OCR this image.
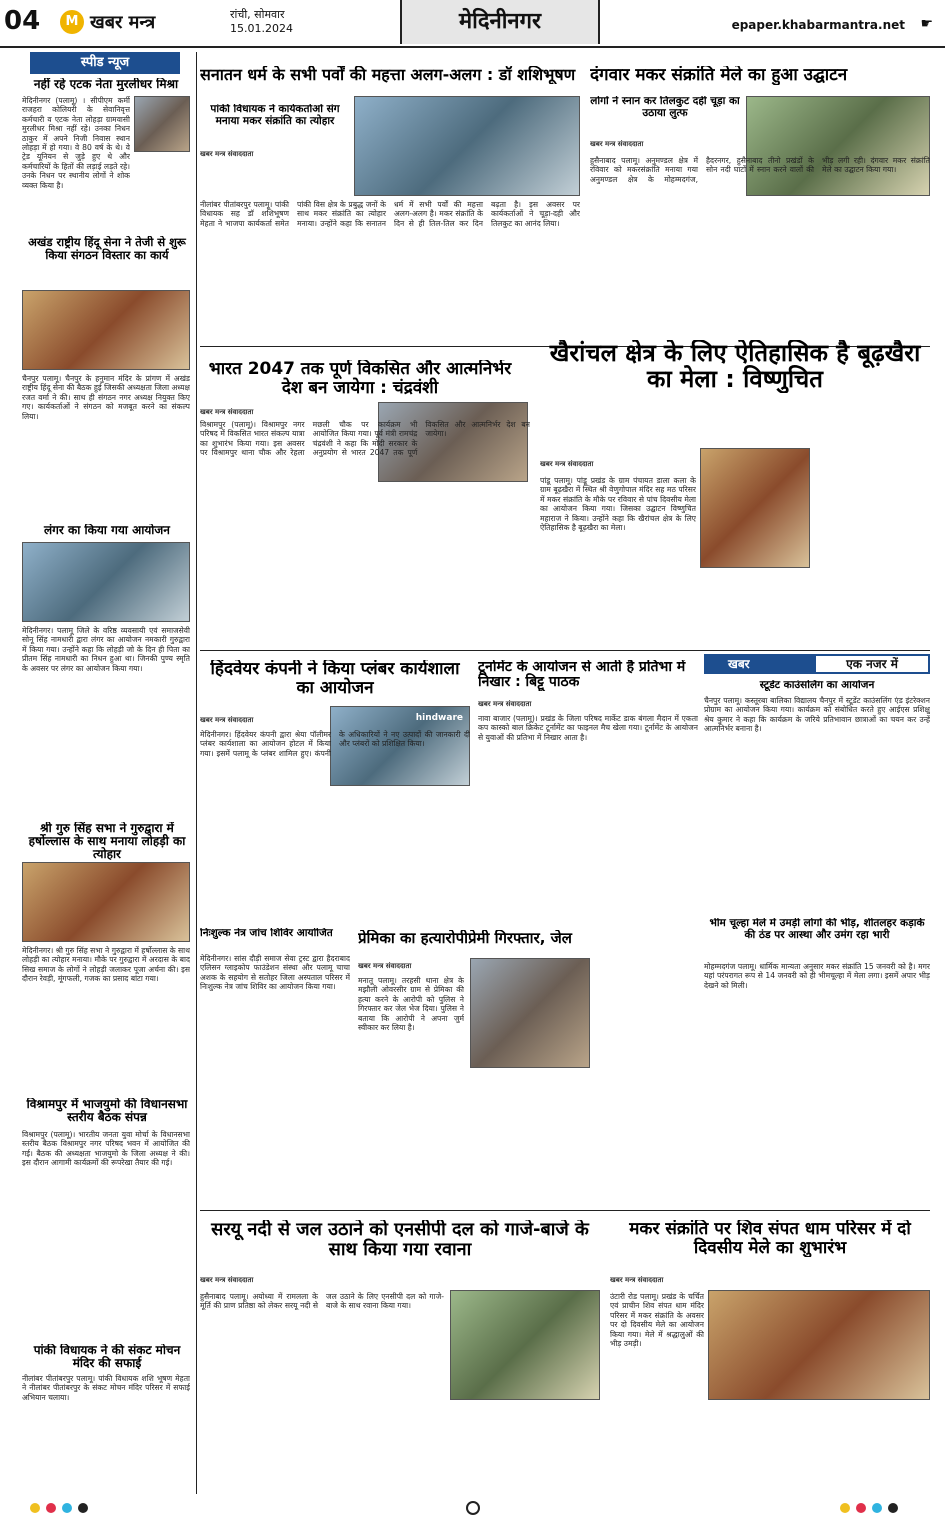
04	M खबर मन्त्र	रांची, सोमवार
15.01.2024	मेदिनीनगर	epaper.khabarmantra.net ☛
स्पीड न्यूज
नहीं रहे एटक नेता मुरलीधर मिश्रा
मेदिनीनगर (पलामू) । सीपीएम कर्मी राजहरा कोलियरी के सेवानिवृत्त कर्मचारी व एटक नेता लोहड़ा ग्रामवासी मुरलीधर मिश्रा नहीं रहे। उनका निधन ठाकुर में अपने निजी निवास स्थान लोहड़ा में हो गया। वे 80 वर्ष के थे। वे ट्रेड यूनियन से जुड़े हुए थे और कर्मचारियों के हितों की लड़ाई लड़ते रहे। उनके निधन पर स्थानीय लोगों ने शोक व्यक्त किया है।
अखंड राष्ट्रीय हिंदू सेना ने तेजी से शुरू किया संगठन विस्तार का कार्य
चैनपुर पलामू। चैनपुर के हनुमान मंदिर के प्रांगण में अखंड राष्ट्रीय हिंदू सेना की बैठक हुई जिसकी अध्यक्षता जिला अध्यक्ष रजत वर्मा ने की। साथ ही संगठन नगर अध्यक्ष नियुक्त किए गए। कार्यकर्ताओं ने संगठन को मजबूत करने का संकल्प लिया।
लंगर का किया गया आयोजन
मेदिनीनगर। पलामू जिले के वरिष्ठ व्यवसायी एवं समाजसेवी सोनू सिंह नामधारी द्वारा लंगर का आयोजन नमकारी गुरुद्वारा में किया गया। उन्होंने कहा कि लोहड़ी जो के दिन ही पिता का प्रीतम सिंह नामधारी का निधन हुआ था। जिनकी पुण्य स्मृति के अवसर पर लंगर का आयोजन किया गया।
श्री गुरु सिंह सभा ने गुरुद्वारा में हर्षोल्लास के साथ मनाया लोहड़ी का त्योहार
मेदिनीनगर। श्री गुरु सिंह सभा ने गुरुद्वारा में हर्षोल्लास के साथ लोहड़ी का त्योहार मनाया। मौके पर गुरुद्वारा में अरदास के बाद सिख समाज के लोगों ने लोहड़ी जलाकर पूजा अर्चना की। इस दौरान रेवड़ी, मूंगफली, गजक का प्रसाद बांटा गया।
विश्रामपुर में भाजयुमो की विधानसभा स्तरीय बैठक संपन्न
विश्रामपुर (पलामू)। भारतीय जनता युवा मोर्चा के विधानसभा स्तरीय बैठक विश्रामपुर नगर परिषद भवन में आयोजित की गई। बैठक की अध्यक्षता भाजयुमो के जिला अध्यक्ष ने की। इस दौरान आगामी कार्यक्रमों की रूपरेखा तैयार की गई।
पांकी विधायक ने की संकट मोचन मंदिर की सफाई
नीलांबर पीतांबरपुर पलामू। पांकी विधायक शशि भूषण मेहता ने नीलांबर पीतांबरपुर के संकट मोचन मंदिर परिसर में सफाई अभियान चलाया।
सनातन धर्म के सभी पर्वों की महत्ता अलग-अलग : डॉ शशिभूषण
पांकी विधायक ने कार्यकर्ताओं संग मनाया मकर संक्रांति का त्योहार
खबर मन्त्र संवाददाता
नीलांबर पीतांबरपुर पलामू। पांकी विधायक सह डॉ शशिभूषण मेहता ने भाजपा कार्यकर्ता समेत पांकी विस क्षेत्र के प्रबुद्ध जनों के साथ मकर संक्रांति का त्योहार मनाया। उन्होंने कहा कि सनातन धर्म में सभी पर्वों की महत्ता अलग-अलग है। मकर संक्रांति के दिन से ही तिल-तिल कर दिन बढ़ता है। इस अवसर पर कार्यकर्ताओं ने चूड़ा-दही और तिलकुट का आनंद लिया।
दंगवार मकर संक्रांति मेले का हुआ उद्घाटन
लोगों ने स्नान कर तिलकुट दही चूड़ा का उठाया लुत्फ
खबर मन्त्र संवाददाता
हुसैनाबाद पलामू। अनुमण्डल क्षेत्र में रविवार को मकरसंक्रांति मनाया गया अनुमण्डल क्षेत्र के मोहम्मदगंज, हैदरनगर, हुसैनाबाद तीनो प्रखंडों के सोन नदी घाटों में स्नान करने वालों की भीड़ लगी रही। दंगवार मकर संक्रांति मेले का उद्घाटन किया गया।
भारत 2047 तक पूर्ण विकसित और आत्मनिर्भर देश बन जायेगा : चंद्रवंशी
खबर मन्त्र संवाददाता
विश्रामपुर (पलामू)। विश्रामपुर नगर परिषद में विकसित भारत संकल्प यात्रा का शुभारंभ किया गया। इस अवसर पर विश्रामपुर थाना चौक और रेहला मछली चौक पर कार्यक्रम भी आयोजित किया गया। पूर्व मंत्री रामचंद्र चंद्रवंशी ने कहा कि मोदी सरकार के अनुप्रयोग से भारत 2047 तक पूर्ण विकसित और आत्मनिर्भर देश बन जायेगा।
खैरांचल क्षेत्र के लिए ऐतिहासिक है बूढ़खैरा का मेला : विष्णुचित
खबर मन्त्र संवाददाता
पांडू पलामू। पांडू प्रखंड के ग्राम पंचायत डाला कला के ग्राम बूढ़खैरा में स्थित श्री वेणुगोपाल मंदिर सह मठ परिसर में मकर संक्रांति के मौके पर रविवार से पांच दिवसीय मेला का आयोजन किया गया। जिसका उद्घाटन विष्णुचित महाराज ने किया। उन्होंने कहा कि खैरांचल क्षेत्र के लिए ऐतिहासिक है बूढ़खैरा का मेला।
हिंदवेयर कंपनी ने किया प्लंबर कार्यशाला का आयोजन
खबर मन्त्र संवाददाता	hindware
मेदिनीनगर। हिंदवेयर कंपनी द्वारा श्रेया पॉलीमर प्लंबर कार्यशाला का आयोजन होटल में किया गया। इसमें पलामू के प्लंबर शामिल हुए। कंपनी के अधिकारियों ने नए उत्पादों की जानकारी दी और प्लंबरों को प्रशिक्षित किया।
टूर्नामेंट के आयोजन से आती है प्रतिभा में निखार : बिट्टू पाठक
खबर मन्त्र संवाददाता
नावा बाजार (पलामू)। प्रखंड के जिला परिषद मार्केट डाक बंगला मैदान में एकता कप कास्को बाल क्रिकेट टूर्नामेंट का फाइनल मैच खेला गया। टूर्नामेंट के आयोजन से युवाओं की प्रतिभा में निखार आता है।
खबर	एक नजर में
स्टूडेंट काउंसलिंग का आयोजन
चैनपुर पलामू। कस्तूरबा बालिका विद्यालय चैनपुर में स्टूडेंट काउंसलिंग एंड इंटरेक्शन प्रोग्राम का आयोजन किया गया। कार्यक्रम को संबोधित करते हुए आईएस प्रशिक्षु श्रेय कुमार ने कहा कि कार्यक्रम के जरिये प्रतिभावान छात्राओं का चयन कर उन्हें आत्मनिर्भर बनाना है।
भीम चूल्हा मेले में उमड़ी लोगों की भीड़, शीतलहर कड़ाके की ठंड पर आस्था और उमंग रहा भारी
मोहम्मदगंज पलामू। धार्मिक मान्यता अनुसार मकर संक्रांति 15 जनवरी को है। मगर यहां परंपरागत रूप से 14 जनवरी को ही भीमचूल्हा में मेला लगा। इसमें अपार भीड़ देखने को मिली।
निःशुल्क नेत्र जांच शिविर आयोजित
मेदिनीनगर। सांस दौड़ी समाज सेवा ट्रस्ट द्वारा हैदराबाद एलिसन ग्लाइकोप फाउंडेशन संस्था और पलामू चाचा अशक के सहयोग से सतोहर जिला अस्पताल परिसर में निःशुल्क नेत्र जांच शिविर का आयोजन किया गया।
प्रेमिका का हत्यारोपीप्रेमी गिरफ्तार, जेल
खबर मन्त्र संवाददाता
मनातू पलामू। तरहसी थाना क्षेत्र के मझौली ओवरसीर ग्राम से प्रेमिका की हत्या करने के आरोपी को पुलिस ने गिरफ्तार कर जेल भेज दिया। पुलिस ने बताया कि आरोपी ने अपना जुर्म स्वीकार कर लिया है।
सरयू नदी से जल उठाने को एनसीपी दल को गाजे-बाजे के साथ किया गया रवाना
खबर मन्त्र संवाददाता
हुसैनाबाद पलामू। अयोध्या में रामलला के मूर्ति की प्राण प्रतिष्ठा को लेकर सरयू नदी से जल उठाने के लिए एनसीपी दल को गाजे-बाजे के साथ रवाना किया गया।
मकर संक्रांति पर शिव संपत धाम परिसर में दो दिवसीय मेले का शुभारंभ
खबर मन्त्र संवाददाता
उंटारी रोड पलामू। प्रखंड के चर्चित एवं प्राचीन शिव संपत धाम मंदिर परिसर में मकर संक्रांति के अवसर पर दो दिवसीय मेले का आयोजन किया गया। मेले में श्रद्धालुओं की भीड़ उमड़ी।
